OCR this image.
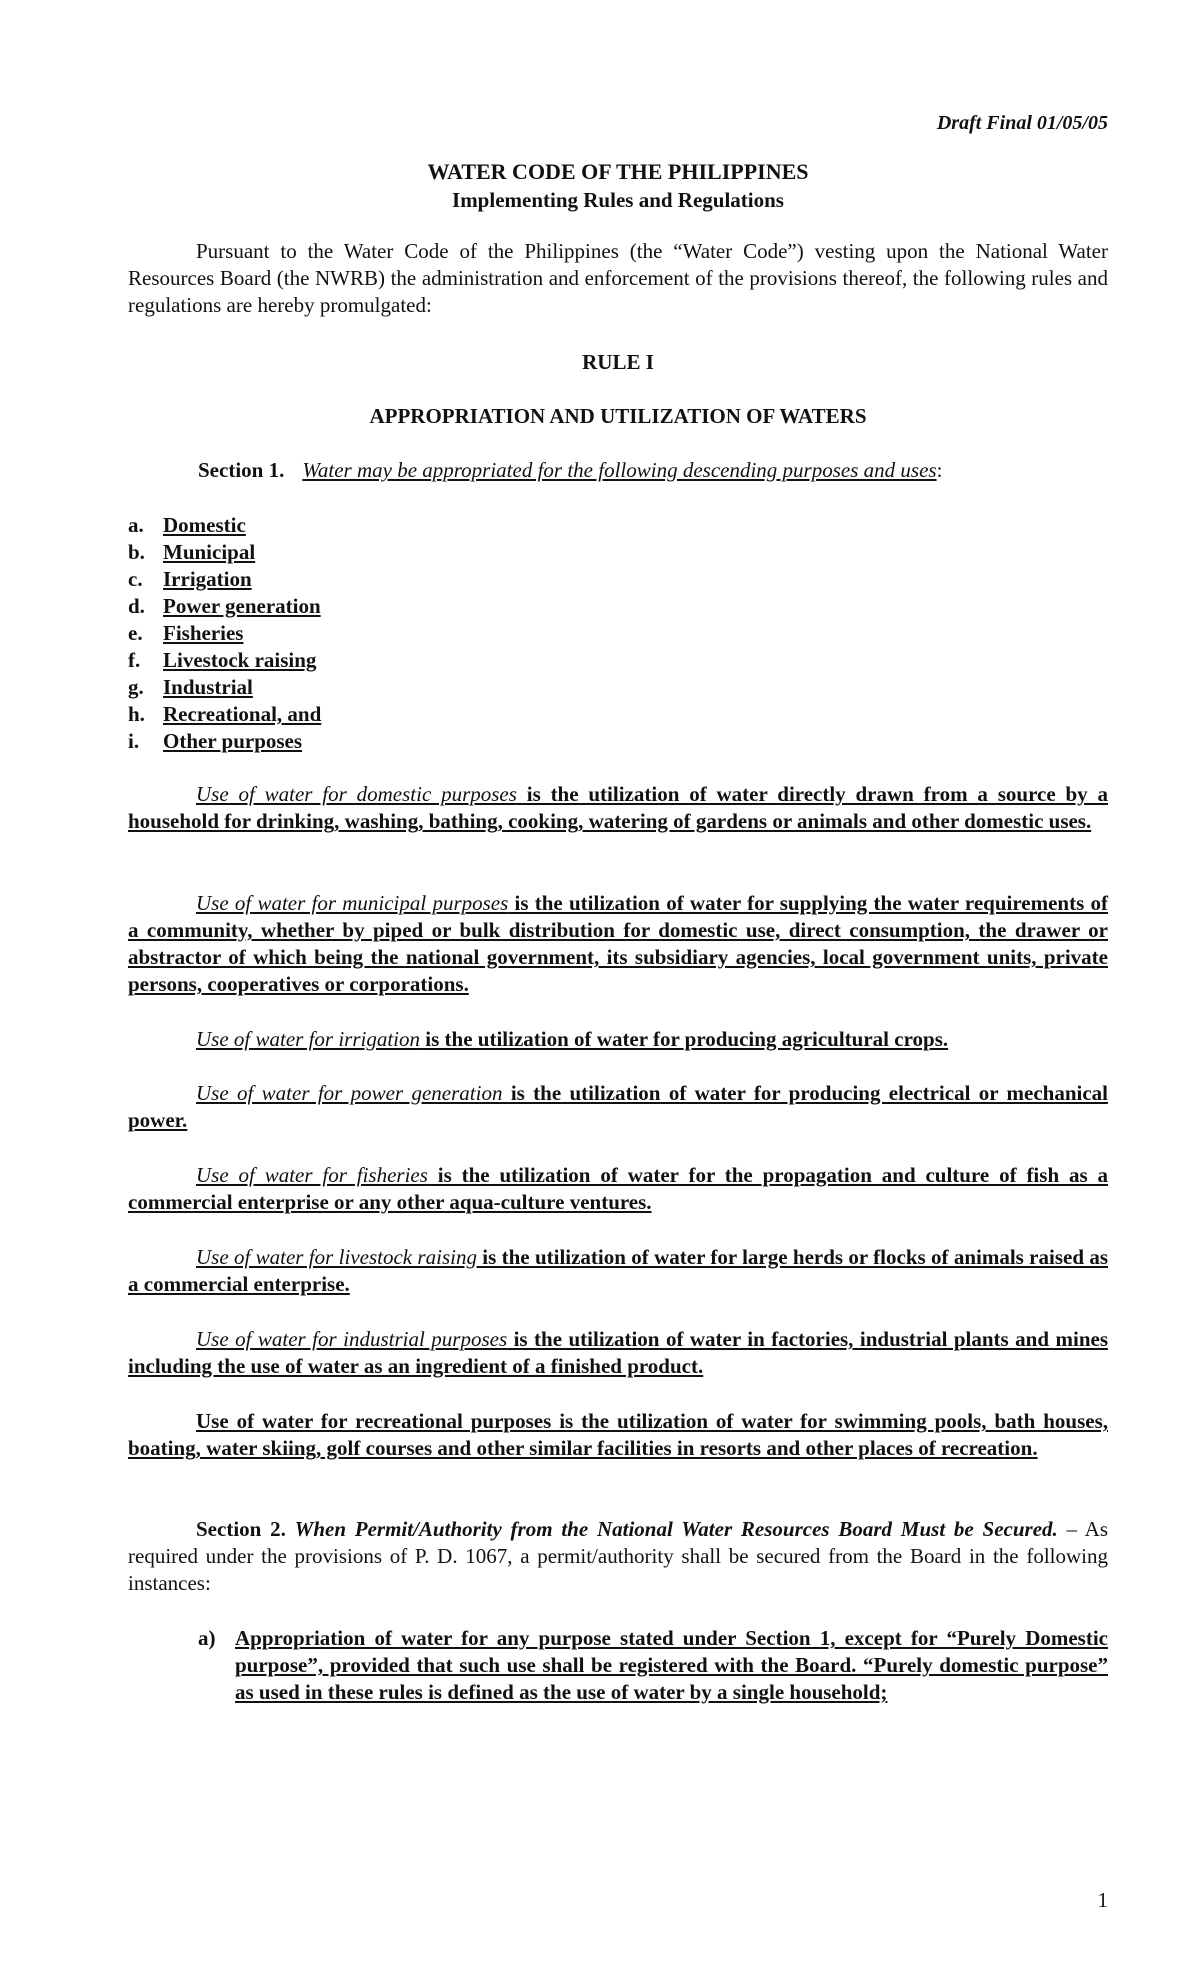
Draft Final 01/05/05
WATER CODE OF THE PHILIPPINES
Implementing Rules and Regulations
Pursuant to the Water Code of the Philippines (the “Water Code”) vesting upon the National Water Resources Board (the NWRB) the administration and enforcement of the provisions thereof, the following rules and regulations are hereby promulgated:
RULE I
APPROPRIATION AND UTILIZATION OF WATERS
Section 1. Water may be appropriated for the following descending purposes and uses:
a. Domestic
b. Municipal
c. Irrigation
d. Power generation
e. Fisheries
f.	Livestock raising
g. Industrial
h. Recreational, and
i.	Other purposes
Use of water for domestic purposes is the utilization of water directly drawn from a source by a household for drinking, washing, bathing, cooking, watering of gardens or animals and other domestic uses.
Use of water for municipal purposes is the utilization of water for supplying the water requirements of a community, whether by piped or bulk distribution for domestic use, direct consumption, the drawer or abstractor of which being the national government, its subsidiary agencies, local government units, private persons, cooperatives or corporations.
Use of water for irrigation is the utilization of water for producing agricultural crops.
Use of water for power generation is the utilization of water for producing electrical or mechanical power.
Use of water for fisheries is the utilization of water for the propagation and culture of fish as a commercial enterprise or any other aqua-culture ventures.
Use of water for livestock raising is the utilization of water for large herds or flocks of animals raised as a commercial enterprise.
Use of water for industrial purposes is the utilization of water in factories, industrial plants and mines including the use of water as an ingredient of a finished product.
Use of water for recreational purposes is the utilization of water for swimming pools, bath houses, boating, water skiing, golf courses and other similar facilities in resorts and other places of recreation.
Section 2. When Permit/Authority from the National Water Resources Board Must be Secured. – As required under the provisions of P. D. 1067, a permit/authority shall be secured from the Board in the following instances:
a) Appropriation of water for any purpose stated under Section 1, except for “Purely Domestic purpose”, provided that such use shall be registered with the Board. “Purely domestic purpose” as used in these rules is defined as the use of water by a single household;
1
